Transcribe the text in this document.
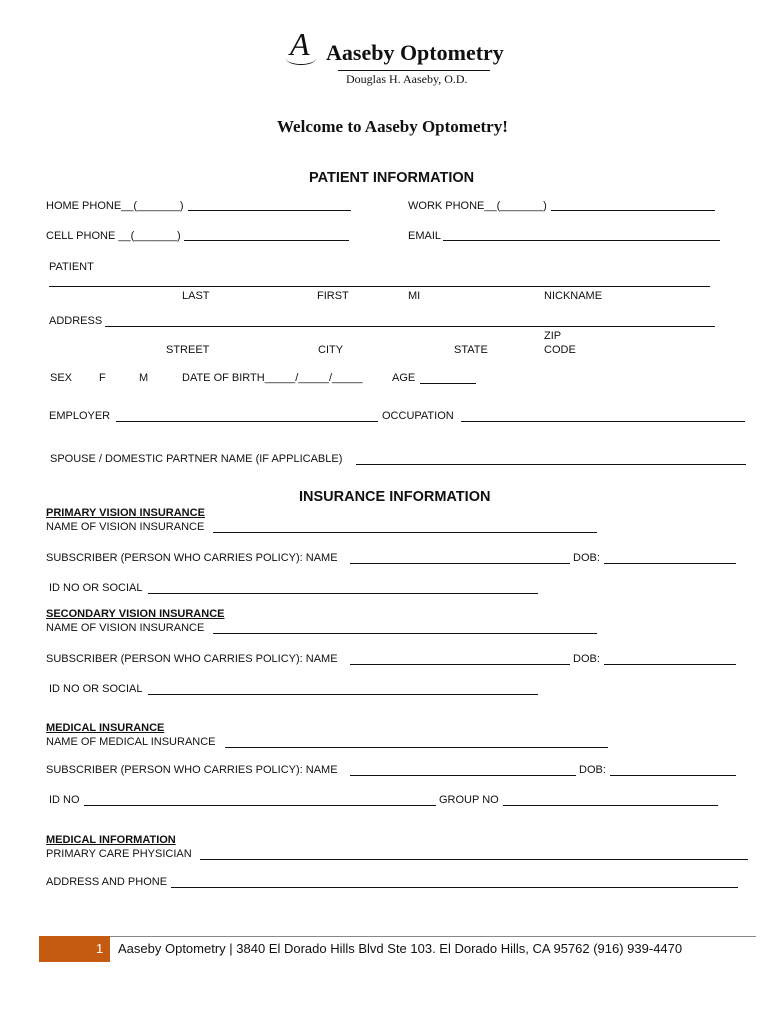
A Aaseby Optometry
Douglas H. Aaseby, O.D.
Welcome to Aaseby Optometry!
PATIENT INFORMATION
HOME PHONE__(_______)	WORK PHONE__(_______)
CELL PHONE __(_______)	EMAIL
PATIENT
LAST	FIRST	MI	NICKNAME
ADDRESS
ZIP
STREET	CITY	STATE	CODE
SEX F	M	DATE OF BIRTH_____/_____/_____	AGE
EMPLOYER	OCCUPATION
SPOUSE / DOMESTIC PARTNER NAME (IF APPLICABLE)
INSURANCE INFORMATION
PRIMARY VISION INSURANCE
NAME OF VISION INSURANCE
SUBSCRIBER (PERSON WHO CARRIES POLICY): NAME	DOB:
ID NO OR SOCIAL
SECONDARY VISION INSURANCE
NAME OF VISION INSURANCE
SUBSCRIBER (PERSON WHO CARRIES POLICY): NAME	DOB:
ID NO OR SOCIAL
MEDICAL INSURANCE
NAME OF MEDICAL INSURANCE
SUBSCRIBER (PERSON WHO CARRIES POLICY): NAME	DOB:
ID NO	GROUP NO
MEDICAL INFORMATION
PRIMARY CARE PHYSICIAN
ADDRESS AND PHONE
1 Aaseby Optometry | 3840 El Dorado Hills Blvd Ste 103. El Dorado Hills, CA 95762 (916) 939-4470
